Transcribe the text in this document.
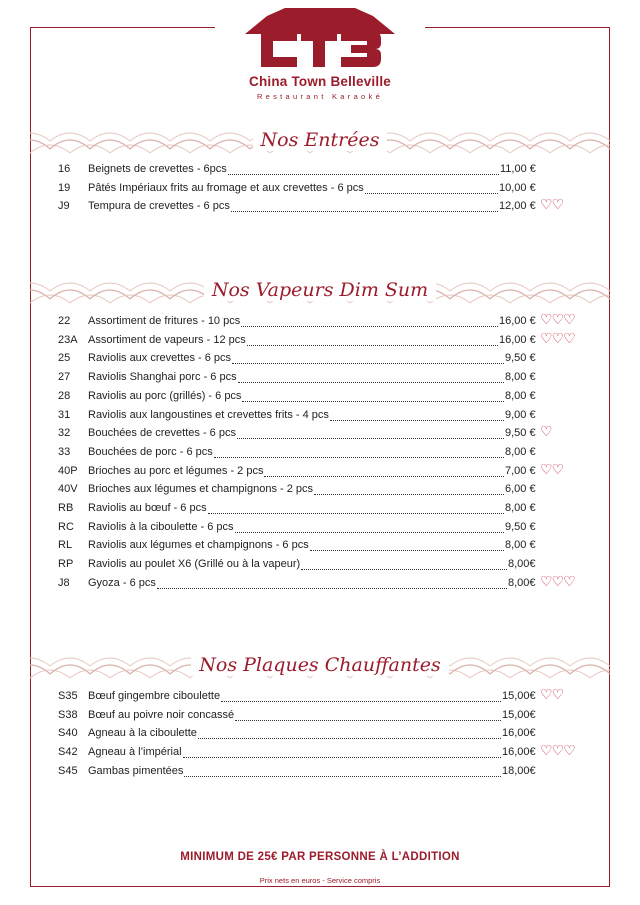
China Town Belleville
Restaurant Karaoké
Nos Entrées
16	Beignets de crevettes - 6pcs	11,00 €
19	Pâtés Impériaux frits au fromage et aux crevettes - 6 pcs	10,00 €
J9	Tempura de crevettes - 6 pcs	12,00 € ♡♡
Nos Vapeurs Dim Sum
22	Assortiment de fritures - 10 pcs	16,00 € ♡♡♡
23A Assortiment de vapeurs - 12 pcs	16,00 € ♡♡♡
25	Raviolis aux crevettes - 6 pcs	9,50 €
27	Raviolis Shanghai porc - 6 pcs	8,00 €
28	Raviolis au porc (grillés) - 6 pcs	8,00 €
31	Raviolis aux langoustines et crevettes frits - 4 pcs	9,00 €
32	Bouchées de crevettes - 6 pcs	9,50 € ♡
33	Bouchées de porc - 6 pcs	8,00 €
40P Brioches au porc et légumes - 2 pcs	7,00 € ♡♡
40V Brioches aux légumes et champignons - 2 pcs	6,00 €
RB	Raviolis au bœuf - 6 pcs	8,00 €
RC	Raviolis à la ciboulette - 6 pcs	9,50 €
RL	Raviolis aux légumes et champignons - 6 pcs	8,00 €
RP	Raviolis au poulet X6 (Grillé ou à la vapeur)	8,00€
J8	Gyoza - 6 pcs	8,00€ ♡♡♡
Nos Plaques Chauffantes
S35 Bœuf gingembre ciboulette	15,00€ ♡♡
S38 Bœuf au poivre noir concassé	15,00€
S40 Agneau à la ciboulette	16,00€
S42 Agneau à l’impérial	16,00€ ♡♡♡
S45 Gambas pimentées	18,00€
MINIMUM DE 25€ PAR PERSONNE À L’ADDITION
Prix nets en euros - Service compris
